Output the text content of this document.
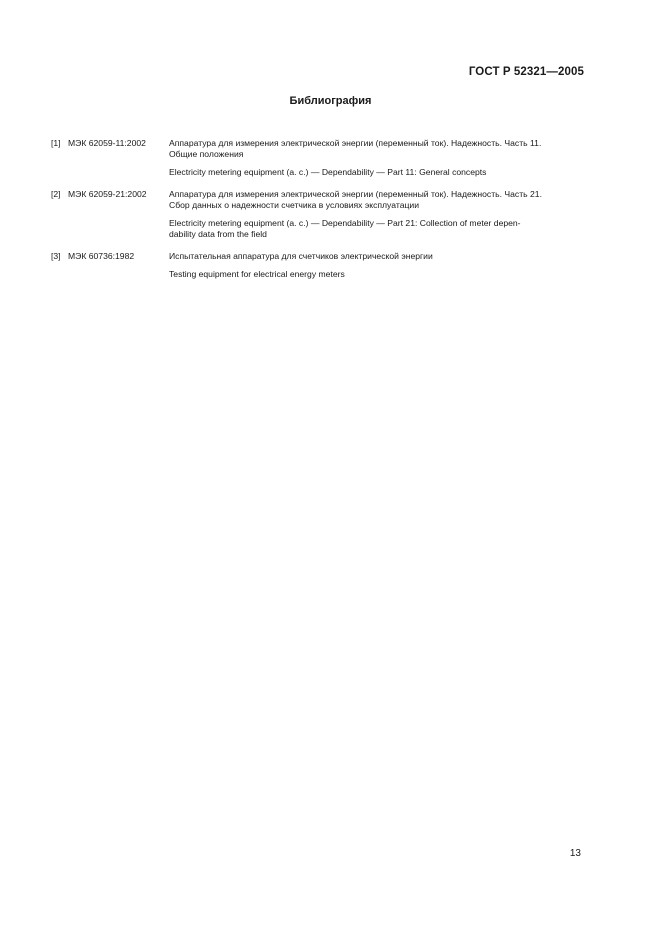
ГОСТ Р 52321—2005
Библиография
[1] МЭК 62059-11:2002	Аппаратура для измерения электрической энергии (переменный ток). Надежность. Часть 11.
Общие положения
Electricity metering equipment (a. c.) — Dependability — Part 11: General concepts
[2] МЭК 62059-21:2002	Аппаратура для измерения электрической энергии (переменный ток). Надежность. Часть 21.
Сбор данных о надежности счетчика в условиях эксплуатации
Electricity metering equipment (a. c.) — Dependability — Part 21: Collection of meter depen-
dability data from the field
[3] МЭК 60736:1982	Испытательная аппаратура для счетчиков электрической энергии
Testing equipment for electrical energy meters
13
